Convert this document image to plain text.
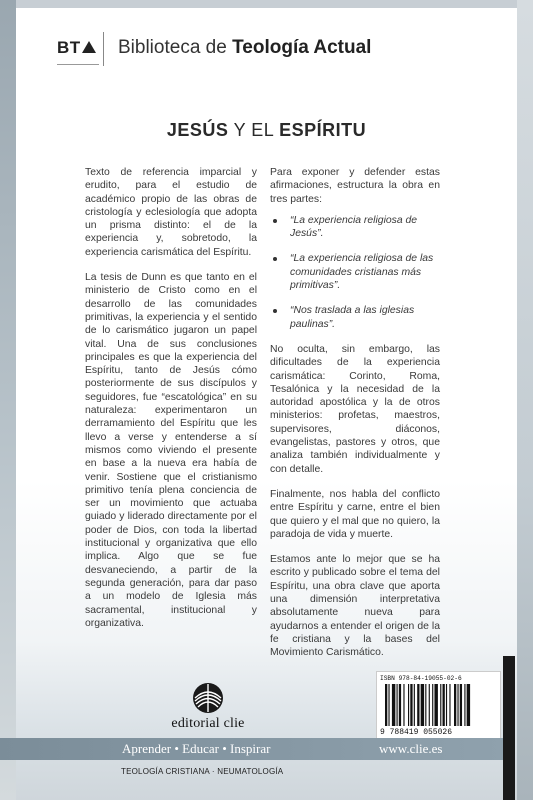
BT	Biblioteca de Teología Actual
JESÚS Y EL ESPÍRITU

Texto de referencia imparcial y erudito, para el estudio de académico propio de las obras de cristología y eclesiología que adopta un prisma distinto: el de la experiencia y, sobretodo, la experiencia carismática del Espíritu.

La tesis de Dunn es que tanto en el ministerio de Cristo como en el desarrollo de las comunidades primitivas, la experiencia y el sentido de lo carismático jugaron un papel vital. Una de sus conclusiones principales es que la experiencia del Espíritu, tanto de Jesús cómo posteriormente de sus discípulos y seguidores, fue “escatológica” en su naturaleza: experimentaron un derramamiento del Espíritu que les llevo a verse y entenderse a sí mismos como viviendo el presente en base a la nueva era había de venir. Sostiene que el cristianismo primitivo tenía plena conciencia de ser un movimiento que actuaba guiado y liderado directamente por el poder de Dios, con toda la libertad institucional y organizativa que ello implica. Algo que se fue desvaneciendo, a partir de la segunda generación, para dar paso a un modelo de Iglesia más sacramental, institucional y organizativa.

Para exponer y defender estas afirmaciones, estructura la obra en tres partes:

“La experiencia religiosa de Jesús”.
“La experiencia religiosa de las comunidades cristianas más primitivas”.
“Nos traslada a las iglesias paulinas”.

No oculta, sin embargo, las dificultades de la experiencia carismática: Corinto, Roma, Tesalónica y la necesidad de la autoridad apostólica y la de otros ministerios: profetas, maestros, supervisores, diáconos, evangelistas, pastores y otros, que analiza también individualmente y con detalle.

Finalmente, nos habla del conflicto entre Espíritu y carne, entre el bien que quiero y el mal que no quiero, la paradoja de vida y muerte.

Estamos ante lo mejor que se ha escrito y publicado sobre el tema del Espíritu, una obra clave que aporta una dimensión interpretativa absolutamente nueva para ayudarnos a entender el origen de la fe cristiana y la bases del Movimiento Carismático.

ISBN 978-84-19055-02-6
9 788419 055026
editorial clie
Aprender • Educar • Inspirar	www.clie.es
TEOLOGÍA CRISTIANA · NEUMATOLOGÍA
